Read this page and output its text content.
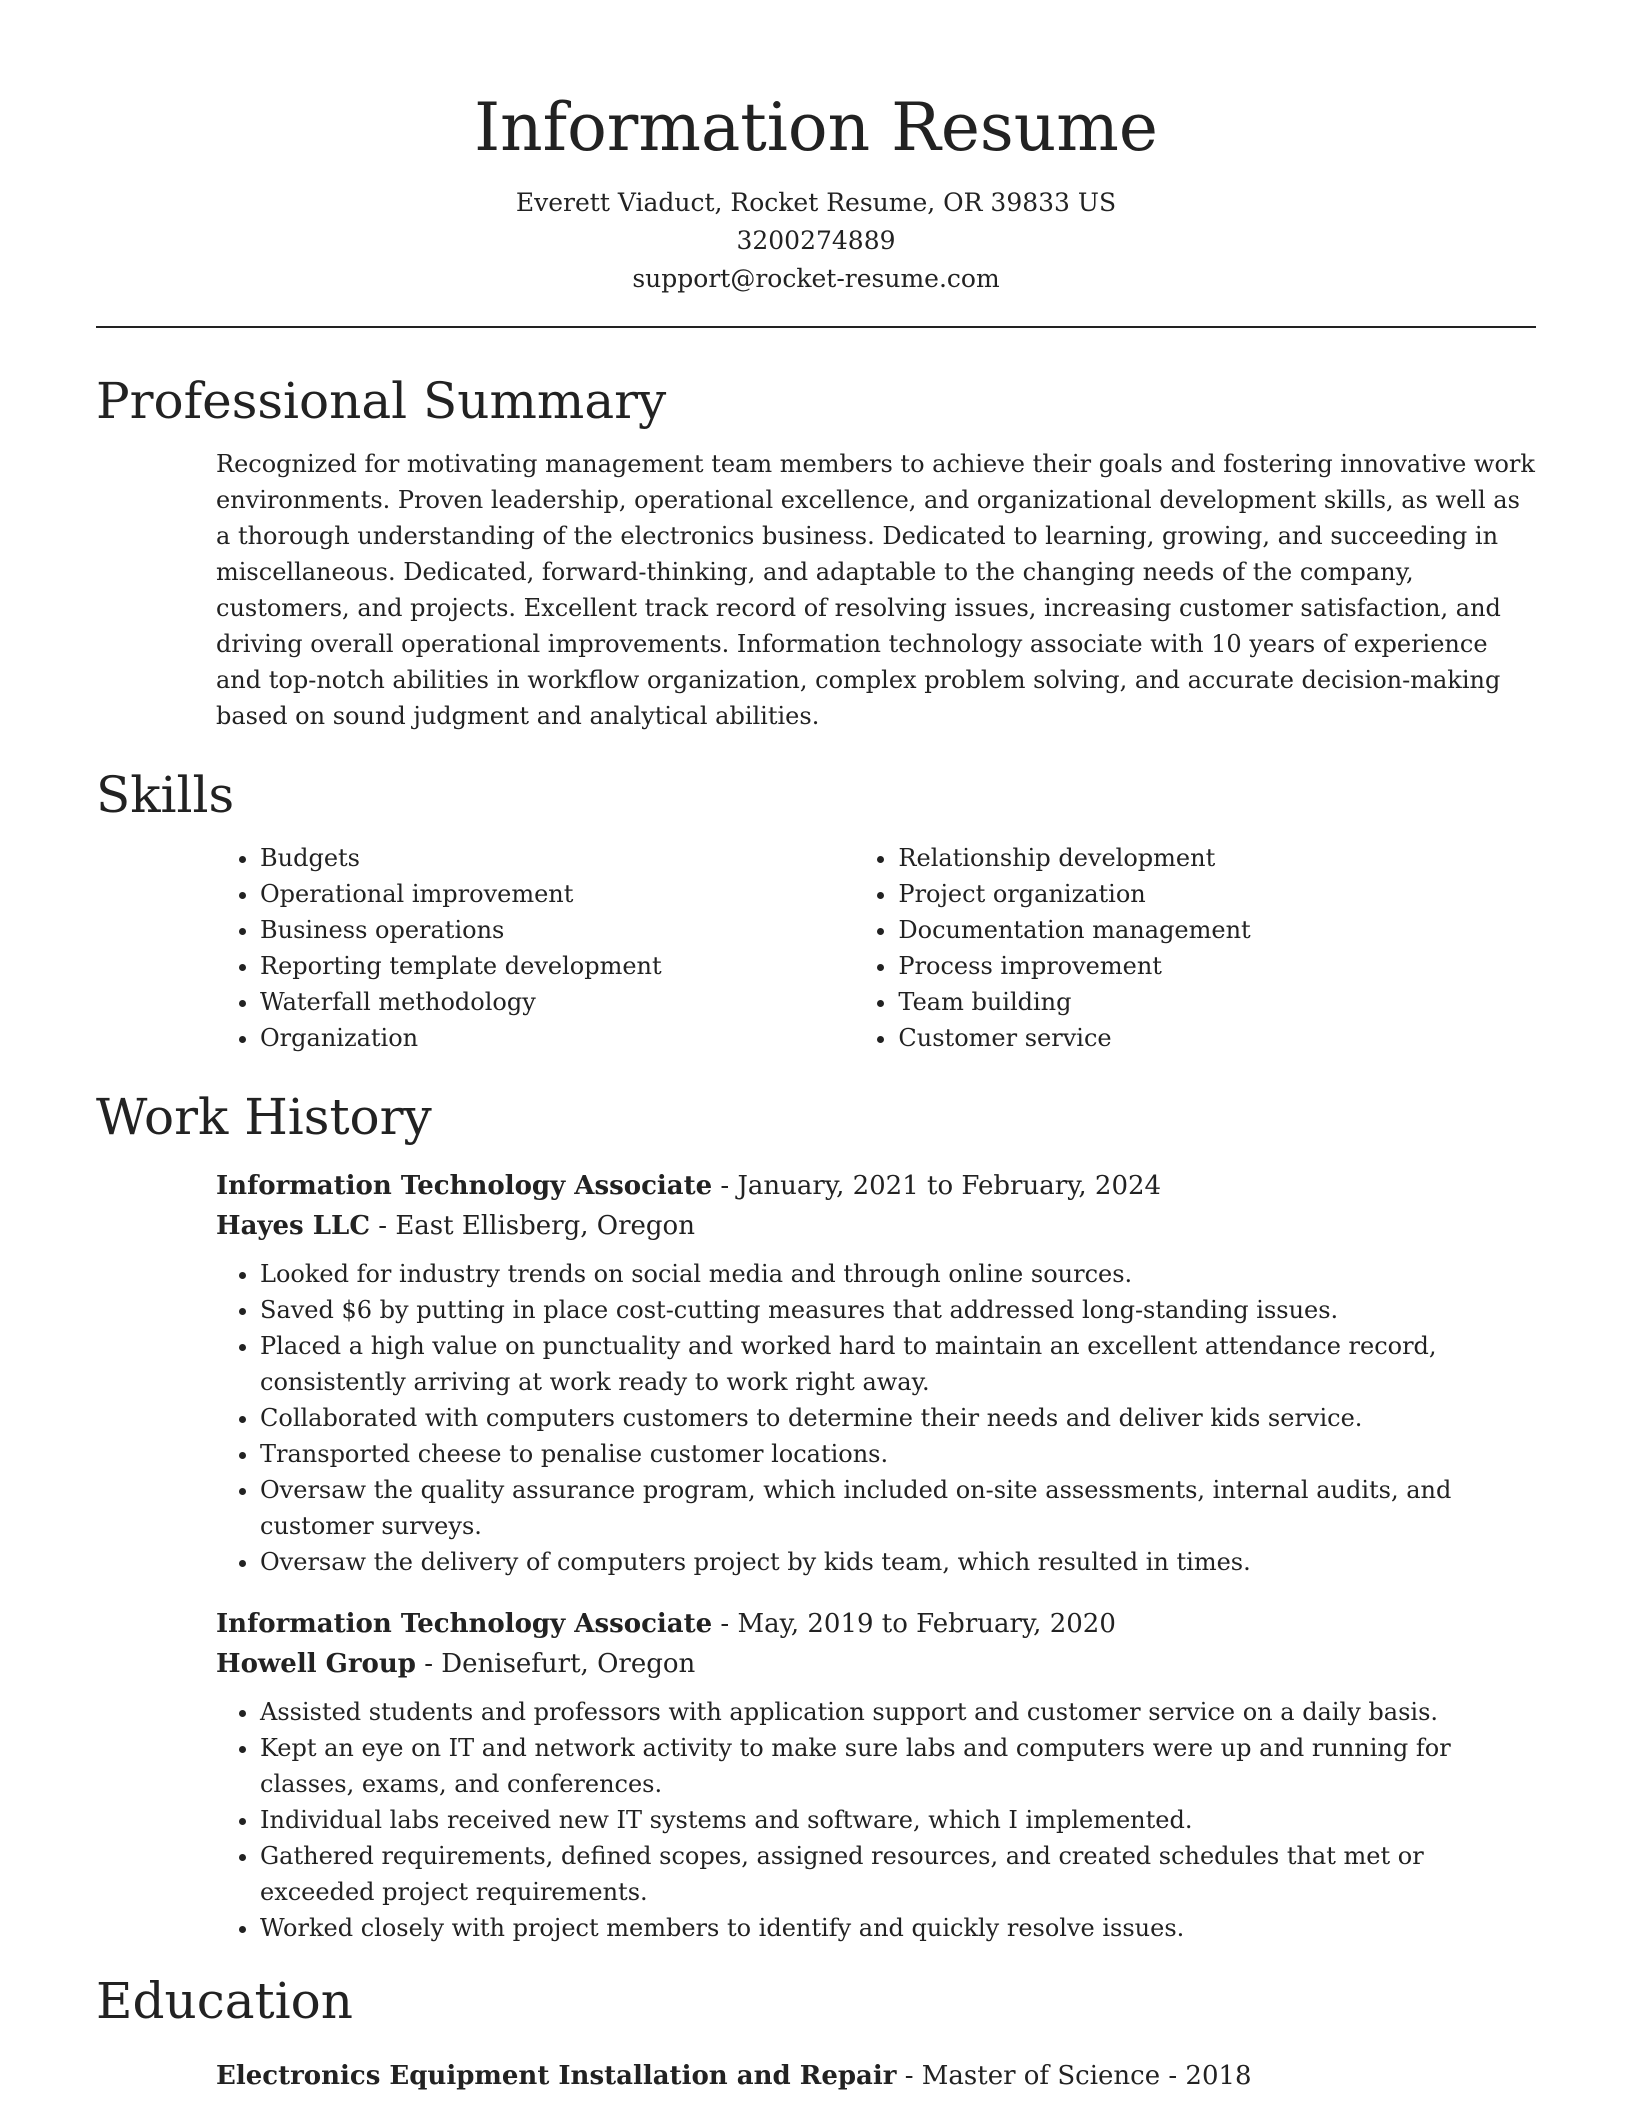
Information Resume
Everett Viaduct, Rocket Resume, OR 39833 US
3200274889
support@rocket-resume.com
Professional Summary
Recognized for motivating management team members to achieve their goals and fostering innovative work environments. Proven leadership, operational excellence, and organizational development skills, as well as a thorough understanding of the electronics business. Dedicated to learning, growing, and succeeding in miscellaneous. Dedicated, forward-thinking, and adaptable to the changing needs of the company, customers, and projects. Excellent track record of resolving issues, increasing customer satisfaction, and driving overall operational improvements. Information technology associate with 10 years of experience and top-notch abilities in workflow organization, complex problem solving, and accurate decision-making based on sound judgment and analytical abilities.
Skills
• Budgets
• Operational improvement
• Business operations
• Reporting template development
• Waterfall methodology
• Organization
• Relationship development
• Project organization
• Documentation management
• Process improvement
• Team building
• Customer service
Work History
Information Technology Associate - January, 2021 to February, 2024
Hayes LLC - East Ellisberg, Oregon
• Looked for industry trends on social media and through online sources.
• Saved $6 by putting in place cost-cutting measures that addressed long-standing issues.
• Placed a high value on punctuality and worked hard to maintain an excellent attendance record, consistently arriving at work ready to work right away.
• Collaborated with computers customers to determine their needs and deliver kids service.
• Transported cheese to penalise customer locations.
• Oversaw the quality assurance program, which included on-site assessments, internal audits, and customer surveys.
• Oversaw the delivery of computers project by kids team, which resulted in times.
Information Technology Associate - May, 2019 to February, 2020
Howell Group - Denisefurt, Oregon
• Assisted students and professors with application support and customer service on a daily basis.
• Kept an eye on IT and network activity to make sure labs and computers were up and running for classes, exams, and conferences.
• Individual labs received new IT systems and software, which I implemented.
• Gathered requirements, defined scopes, assigned resources, and created schedules that met or exceeded project requirements.
• Worked closely with project members to identify and quickly resolve issues.
Education
Electronics Equipment Installation and Repair - Master of Science - 2018
